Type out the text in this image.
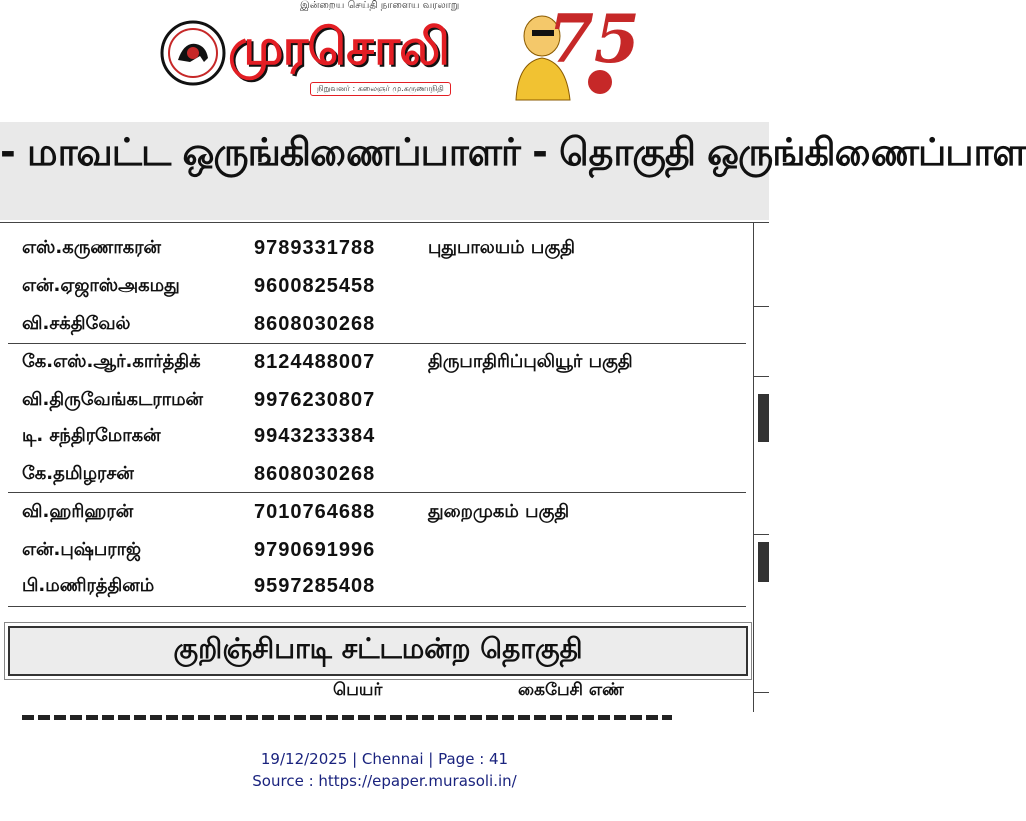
இன்றைய செய்தி நாளைய வரலாறு
முரசொலி
நிறுவனர் : கலைஞர் மு.கருணாநிதி
75
- மாவட்ட ஒருங்கிணைப்பாளர் - தொகுதி ஒருங்கிணைப்பாள
எஸ்.கருணாகரன்	9789331788	புதுபாலயம் பகுதி
என்.ஏஜாஸ்அகமது	9600825458
வி.சக்திவேல்	8608030268
கே.எஸ்.ஆர்.கார்த்திக்	8124488007	திருபாதிரிப்புலியூர் பகுதி
வி.திருவேங்கடராமன்	9976230807
டி. சந்திரமோகன்	9943233384
கே.தமிழரசன்	8608030268
வி.ஹரிஹரன்	7010764688	துறைமுகம் பகுதி
என்.புஷ்பராஜ்	9790691996
பி.மணிரத்தினம்	9597285408
குறிஞ்சிபாடி சட்டமன்ற தொகுதி
பெயர்	கைபேசி எண்
19/12/2025 | Chennai | Page : 41
Source : https://epaper.murasoli.in/
